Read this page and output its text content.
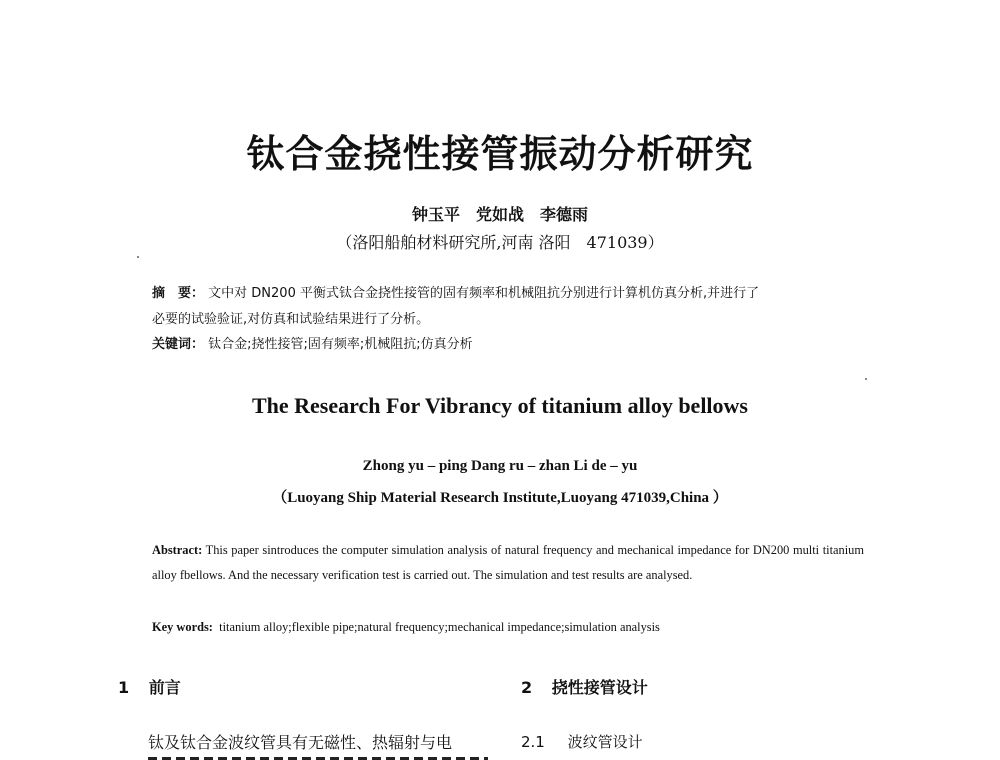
钛合金挠性接管振动分析研究
钟玉平　党如战　李德雨
（洛阳船舶材料研究所,河南 洛阳　471039）
摘　要： 文中对 DN200 平衡式钛合金挠性接管的固有频率和机械阻抗分别进行计算机仿真分析,并进行了
必要的试验验证,对仿真和试验结果进行了分析。
关键词： 钛合金;挠性接管;固有频率;机械阻抗;仿真分析
The Research For Vibrancy of titanium alloy bellows
Zhong yu – ping Dang ru – zhan Li de – yu
（Luoyang Ship Material Research Institute,Luoyang 471039,China ）
Abstract: This paper sintroduces the computer simulation analysis of natural frequency and mechanical impedance for DN200 multi titanium alloy fbellows. And the necessary verification test is carried out. The simulation and test results are analysed.
Key words: titanium alloy;flexible pipe;natural frequency;mechanical impedance;simulation analysis
1 前言	2 挠性接管设计
钛及钛合金波纹管具有无磁性、热辐射与电	2.1 波纹管设计
